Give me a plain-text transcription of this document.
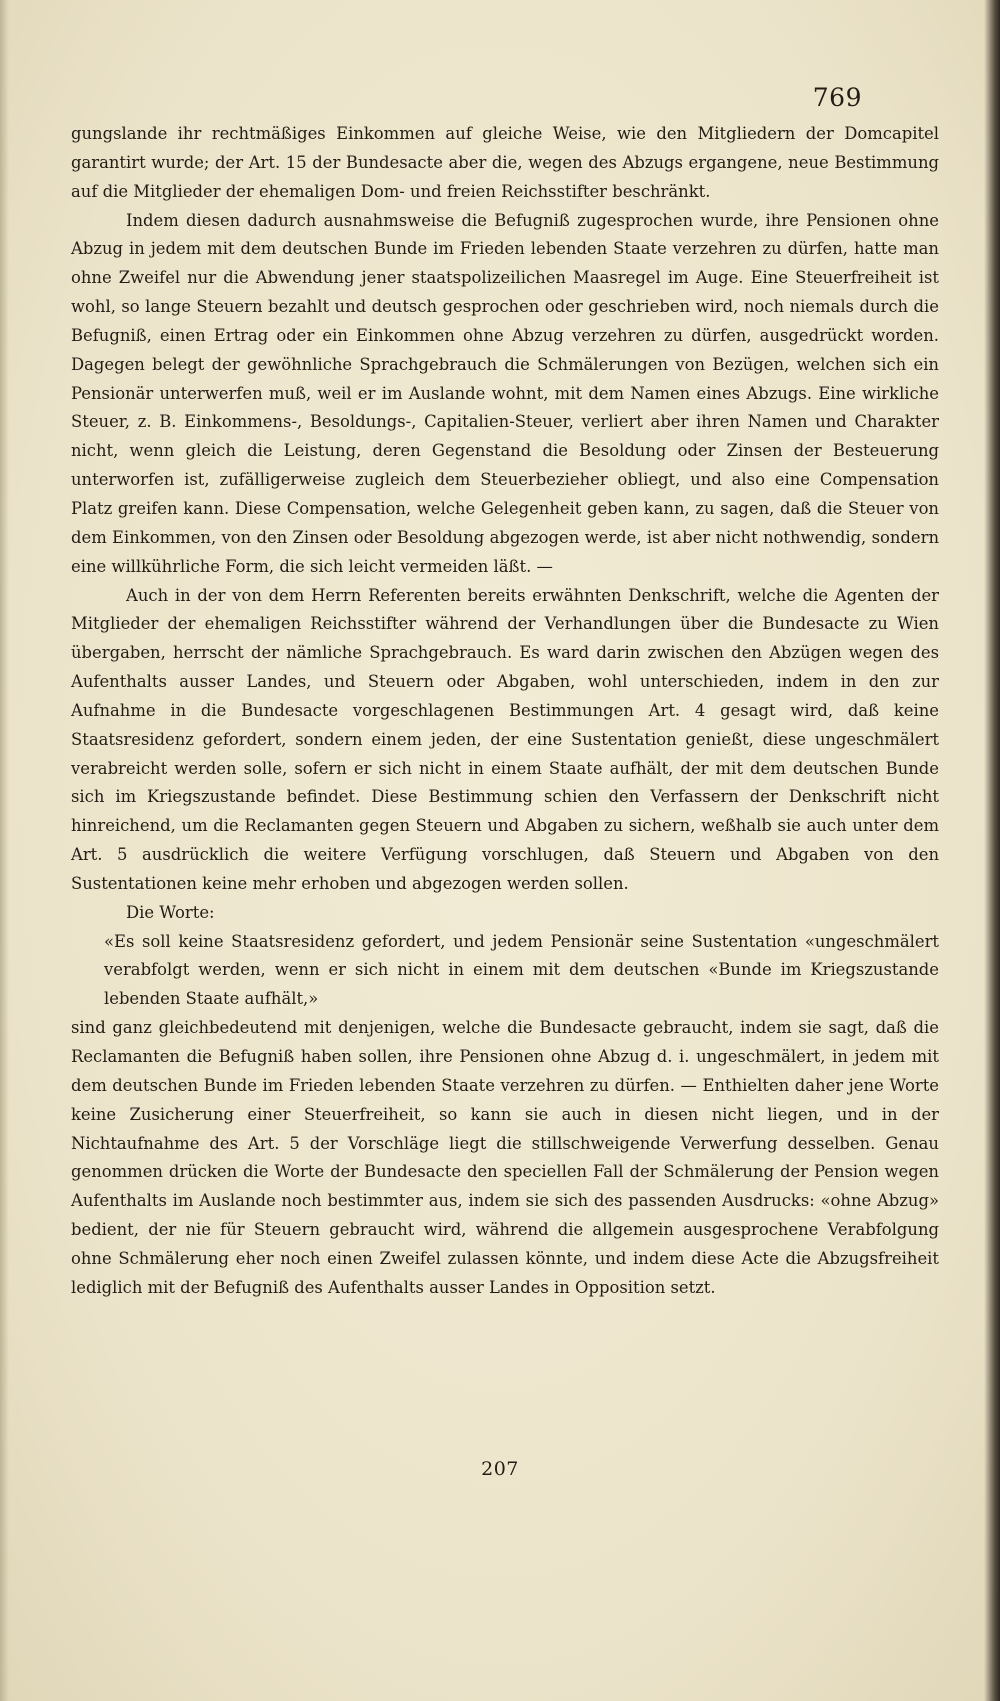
769

gungslande ihr rechtmäßiges Einkommen auf gleiche Weise, wie den Mitgliedern der Domcapitel garantirt wurde; der Art. 15 der Bundesacte aber die, wegen des Abzugs ergangene, neue Bestimmung auf die Mitglieder der ehemaligen Dom- und freien Reichsstifter beschränkt.

Indem diesen dadurch ausnahmsweise die Befugniß zugesprochen wurde, ihre Pensionen ohne Abzug in jedem mit dem deutschen Bunde im Frieden lebenden Staate verzehren zu dürfen, hatte man ohne Zweifel nur die Abwendung jener staatspolizeilichen Maasregel im Auge. Eine Steuerfreiheit ist wohl, so lange Steuern bezahlt und deutsch gesprochen oder geschrieben wird, noch niemals durch die Befugniß, einen Ertrag oder ein Einkommen ohne Abzug verzehren zu dürfen, ausgedrückt worden. Dagegen belegt der gewöhnliche Sprachgebrauch die Schmälerungen von Bezügen, welchen sich ein Pensionär unterwerfen muß, weil er im Auslande wohnt, mit dem Namen eines Abzugs. Eine wirkliche Steuer, z. B. Einkommens-, Besoldungs-, Capitalien-Steuer, verliert aber ihren Namen und Charakter nicht, wenn gleich die Leistung, deren Gegenstand die Besoldung oder Zinsen der Besteuerung unterworfen ist, zufälligerweise zugleich dem Steuerbezieher obliegt, und also eine Compensation Platz greifen kann. Diese Compensation, welche Gelegenheit geben kann, zu sagen, daß die Steuer von dem Einkommen, von den Zinsen oder Besoldung abgezogen werde, ist aber nicht nothwendig, sondern eine willkührliche Form, die sich leicht vermeiden läßt. —

Auch in der von dem Herrn Referenten bereits erwähnten Denkschrift, welche die Agenten der Mitglieder der ehemaligen Reichsstifter während der Verhandlungen über die Bundesacte zu Wien übergaben, herrscht der nämliche Sprachgebrauch. Es ward darin zwischen den Abzügen wegen des Aufenthalts ausser Landes, und Steuern oder Abgaben, wohl unterschieden, indem in den zur Aufnahme in die Bundesacte vorgeschlagenen Bestimmungen Art. 4 gesagt wird, daß keine Staatsresidenz gefordert, sondern einem jeden, der eine Sustentation genießt, diese ungeschmälert verabreicht werden solle, sofern er sich nicht in einem Staate aufhält, der mit dem deutschen Bunde sich im Kriegszustande befindet. Diese Bestimmung schien den Verfassern der Denkschrift nicht hinreichend, um die Reclamanten gegen Steuern und Abgaben zu sichern, weßhalb sie auch unter dem Art. 5 ausdrücklich die weitere Verfügung vorschlugen, daß Steuern und Abgaben von den Sustentationen keine mehr erhoben und abgezogen werden sollen.

Die Worte:

«Es soll keine Staatsresidenz gefordert, und jedem Pensionär seine Sustentation «ungeschmälert verabfolgt werden, wenn er sich nicht in einem mit dem deutschen «Bunde im Kriegszustande lebenden Staate aufhält,»

sind ganz gleichbedeutend mit denjenigen, welche die Bundesacte gebraucht, indem sie sagt, daß die Reclamanten die Befugniß haben sollen, ihre Pensionen ohne Abzug d. i. ungeschmälert, in jedem mit dem deutschen Bunde im Frieden lebenden Staate verzehren zu dürfen. — Enthielten daher jene Worte keine Zusicherung einer Steuerfreiheit, so kann sie auch in diesen nicht liegen, und in der Nichtaufnahme des Art. 5 der Vorschläge liegt die stillschweigende Verwerfung desselben. Genau genommen drücken die Worte der Bundesacte den speciellen Fall der Schmälerung der Pension wegen Aufenthalts im Auslande noch bestimmter aus, indem sie sich des passenden Ausdrucks: «ohne Abzug» bedient, der nie für Steuern gebraucht wird, während die allgemein ausgesprochene Verabfolgung ohne Schmälerung eher noch einen Zweifel zulassen könnte, und indem diese Acte die Abzugsfreiheit lediglich mit der Befugniß des Aufenthalts ausser Landes in Opposition setzt.

207
